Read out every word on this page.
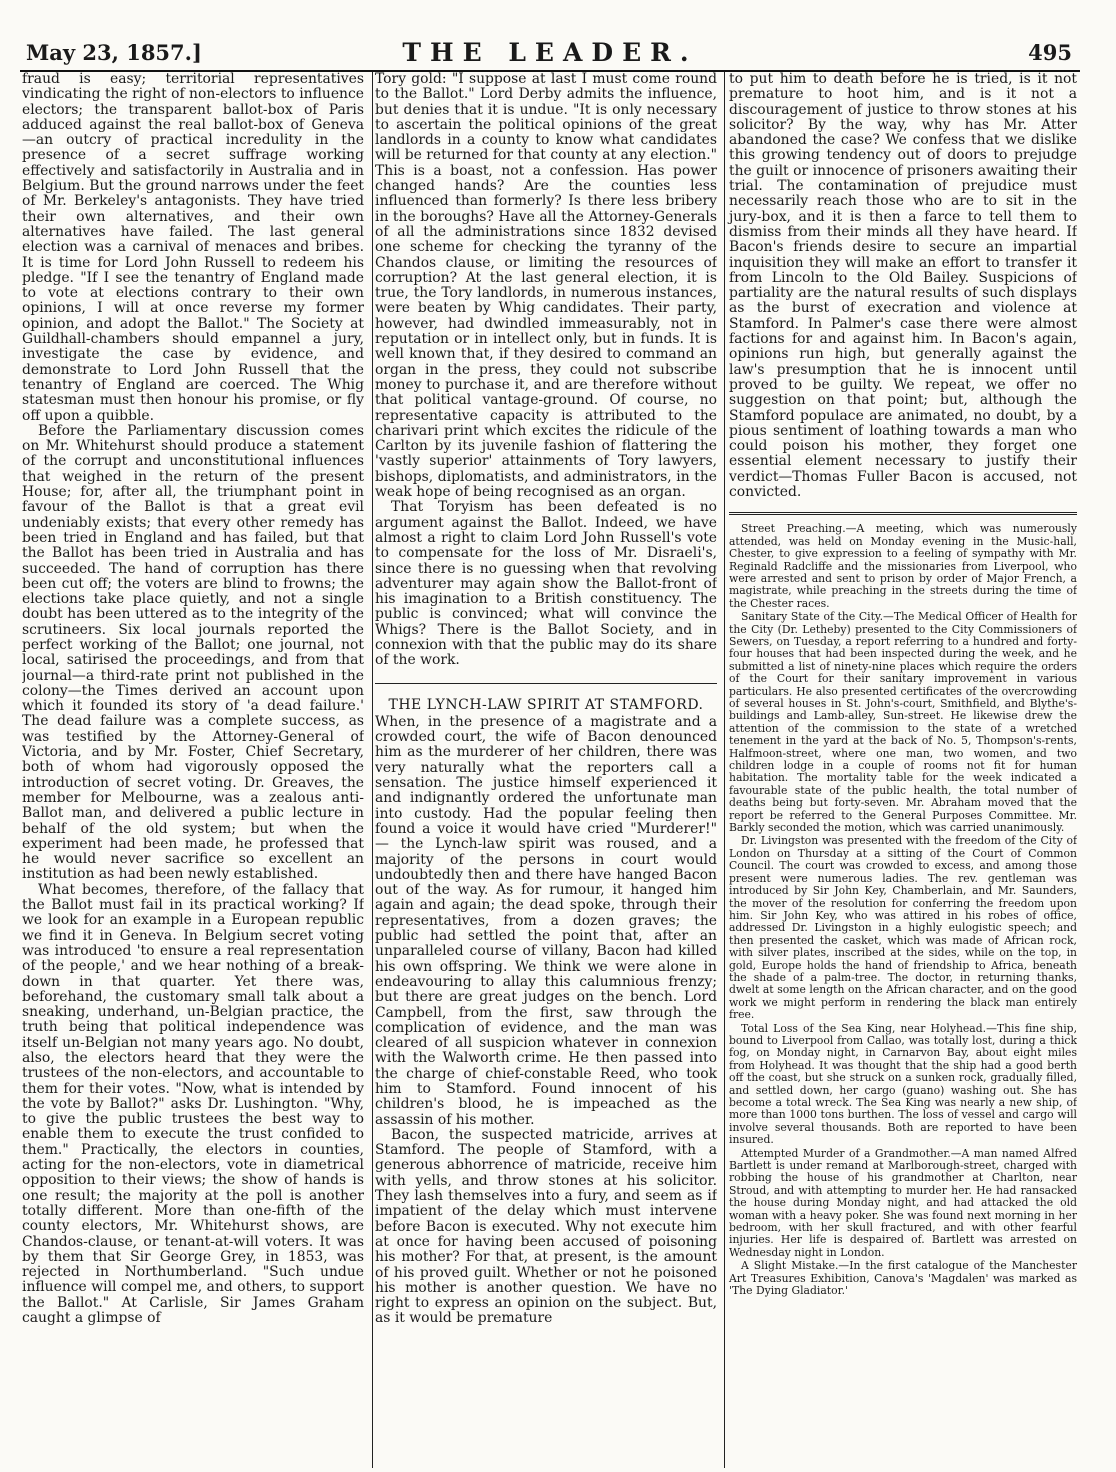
May 23, 1857.]	THE LEADER.	495

fraud is easy; territorial representatives vindicating the right of non-electors to influence electors; the transparent ballot-box of Paris adduced against the real ballot-box of Geneva —an outcry of practical incredulity in the presence of a secret suffrage working effectively and satisfactorily in Australia and in Belgium. But the ground narrows under the feet of Mr. Berkeley's antagonists. They have tried their own alternatives, and their own alternatives have failed. The last general election was a carnival of menaces and bribes. It is time for Lord John Russell to redeem his pledge. "If I see the tenantry of England made to vote at elections contrary to their own opinions, I will at once reverse my former opinion, and adopt the Ballot." The Society at Guildhall-chambers should empannel a jury, investigate the case by evidence, and demonstrate to Lord John Russell that the tenantry of England are coerced. The Whig statesman must then honour his promise, or fly off upon a quibble.

Before the Parliamentary discussion comes on Mr. Whitehurst should produce a statement of the corrupt and unconstitutional influences that weighed in the return of the present House; for, after all, the triumphant point in favour of the Ballot is that a great evil undeniably exists; that every other remedy has been tried in England and has failed, but that the Ballot has been tried in Australia and has succeeded. The hand of corruption has there been cut off; the voters are blind to frowns; the elections take place quietly, and not a single doubt has been uttered as to the integrity of the scrutineers. Six local journals reported the perfect working of the Ballot; one journal, not local, satirised the proceedings, and from that journal—a third-rate print not published in the colony—the Times derived an account upon which it founded its story of 'a dead failure.' The dead failure was a complete success, as was testified by the Attorney-General of Victoria, and by Mr. Foster, Chief Secretary, both of whom had vigorously opposed the introduction of secret voting. Dr. Greaves, the member for Melbourne, was a zealous anti-Ballot man, and delivered a public lecture in behalf of the old system; but when the experiment had been made, he professed that he would never sacrifice so excellent an institution as had been newly established.

What becomes, therefore, of the fallacy that the Ballot must fail in its practical working? If we look for an example in a European republic we find it in Geneva. In Belgium secret voting was introduced 'to ensure a real representation of the people,' and we hear nothing of a break-down in that quarter. Yet there was, beforehand, the customary small talk about a sneaking, underhand, un-Belgian practice, the truth being that political independence was itself un-Belgian not many years ago. No doubt, also, the electors heard that they were the trustees of the non-electors, and accountable to them for their votes. "Now, what is intended by the vote by Ballot?" asks Dr. Lushington. "Why, to give the public trustees the best way to enable them to execute the trust confided to them." Practically, the electors in counties, acting for the non-electors, vote in diametrical opposition to their views; the show of hands is one result; the majority at the poll is another totally different. More than one-fifth of the county electors, Mr. Whitehurst shows, are Chandos-clause, or tenant-at-will voters. It was by them that Sir George Grey, in 1853, was rejected in Northumberland. "Such undue influence will compel me, and others, to support the Ballot." At Carlisle, Sir James Graham caught a glimpse of

Tory gold: "I suppose at last I must come round to the Ballot." Lord Derby admits the influence, but denies that it is undue. "It is only necessary to ascertain the political opinions of the great landlords in a county to know what candidates will be returned for that county at any election." This is a boast, not a confession. Has power changed hands? Are the counties less influenced than formerly? Is there less bribery in the boroughs? Have all the Attorney-Generals of all the administrations since 1832 devised one scheme for checking the tyranny of the Chandos clause, or limiting the resources of corruption? At the last general election, it is true, the Tory landlords, in numerous instances, were beaten by Whig candidates. Their party, however, had dwindled immeasurably, not in reputation or in intellect only, but in funds. It is well known that, if they desired to command an organ in the press, they could not subscribe money to purchase it, and are therefore without that political vantage-ground. Of course, no representative capacity is attributed to the charivari print which excites the ridicule of the Carlton by its juvenile fashion of flattering the 'vastly superior' attainments of Tory lawyers, bishops, diplomatists, and administrators, in the weak hope of being recognised as an organ.

That Toryism has been defeated is no argument against the Ballot. Indeed, we have almost a right to claim Lord John Russell's vote to compensate for the loss of Mr. Disraeli's, since there is no guessing when that revolving adventurer may again show the Ballot-front of his imagination to a British constituency. The public is convinced; what will convince the Whigs? There is the Ballot Society, and in connexion with that the public may do its share of the work.

THE LYNCH-LAW SPIRIT AT STAMFORD.

When, in the presence of a magistrate and a crowded court, the wife of Bacon denounced him as the murderer of her children, there was very naturally what the reporters call a sensation. The justice himself experienced it and indignantly ordered the unfortunate man into custody. Had the popular feeling then found a voice it would have cried "Murderer!" — the Lynch-law spirit was roused, and a majority of the persons in court would undoubtedly then and there have hanged Bacon out of the way. As for rumour, it hanged him again and again; the dead spoke, through their representatives, from a dozen graves; the public had settled the point that, after an unparalleled course of villany, Bacon had killed his own offspring. We think we were alone in endeavouring to allay this calumnious frenzy; but there are great judges on the bench. Lord Campbell, from the first, saw through the complication of evidence, and the man was cleared of all suspicion whatever in connexion with the Walworth crime. He then passed into the charge of chief-constable Reed, who took him to Stamford. Found innocent of his children's blood, he is impeached as the assassin of his mother.

Bacon, the suspected matricide, arrives at Stamford. The people of Stamford, with a generous abhorrence of matricide, receive him with yells, and throw stones at his solicitor. They lash themselves into a fury, and seem as if impatient of the delay which must intervene before Bacon is executed. Why not execute him at once for having been accused of poisoning his mother? For that, at present, is the amount of his proved guilt. Whether or not he poisoned his mother is another question. We have no right to express an opinion on the subject. But, as it would be premature

to put him to death before he is tried, is it not premature to hoot him, and is it not a discouragement of justice to throw stones at his solicitor? By the way, why has Mr. Atter abandoned the case? We confess that we dislike this growing tendency out of doors to prejudge the guilt or innocence of prisoners awaiting their trial. The contamination of prejudice must necessarily reach those who are to sit in the jury-box, and it is then a farce to tell them to dismiss from their minds all they have heard. If Bacon's friends desire to secure an impartial inquisition they will make an effort to transfer it from Lincoln to the Old Bailey. Suspicions of partiality are the natural results of such displays as the burst of execration and violence at Stamford. In Palmer's case there were almost factions for and against him. In Bacon's again, opinions run high, but generally against the law's presumption that he is innocent until proved to be guilty. We repeat, we offer no suggestion on that point; but, although the Stamford populace are animated, no doubt, by a pious sentiment of loathing towards a man who could poison his mother, they forget one essential element necessary to justify their verdict—Thomas Fuller Bacon is accused, not convicted.

Street Preaching.—A meeting, which was numerously attended, was held on Monday evening in the Music-hall, Chester, to give expression to a feeling of sympathy with Mr. Reginald Radcliffe and the missionaries from Liverpool, who were arrested and sent to prison by order of Major French, a magistrate, while preaching in the streets during the time of the Chester races.

Sanitary State of the City.—The Medical Officer of Health for the City (Dr. Letheby) presented to the City Commissioners of Sewers, on Tuesday, a report referring to a hundred and forty-four houses that had been inspected during the week, and he submitted a list of ninety-nine places which require the orders of the Court for their sanitary improvement in various particulars. He also presented certificates of the overcrowding of several houses in St. John's-court, Smithfield, and Blythe's-buildings and Lamb-alley, Sun-street. He likewise drew the attention of the commission to the state of a wretched tenement in the yard at the back of No. 5, Thompson's-rents, Halfmoon-street, where one man, two women, and two children lodge in a couple of rooms not fit for human habitation. The mortality table for the week indicated a favourable state of the public health, the total number of deaths being but forty-seven. Mr. Abraham moved that the report be referred to the General Purposes Committee. Mr. Barkly seconded the motion, which was carried unanimously.

Dr. Livingston was presented with the freedom of the City of London on Thursday at a sitting of the Court of Common Council. The court was crowded to excess, and among those present were numerous ladies. The rev. gentleman was introduced by Sir John Key, Chamberlain, and Mr. Saunders, the mover of the resolution for conferring the freedom upon him. Sir John Key, who was attired in his robes of office, addressed Dr. Livingston in a highly eulogistic speech; and then presented the casket, which was made of African rock, with silver plates, inscribed at the sides, while on the top, in gold, Europe holds the hand of friendship to Africa, beneath the shade of a palm-tree. The doctor, in returning thanks, dwelt at some length on the African character, and on the good work we might perform in rendering the black man entirely free.

Total Loss of the Sea King, near Holyhead.—This fine ship, bound to Liverpool from Callao, was totally lost, during a thick fog, on Monday night, in Carnarvon Bay, about eight miles from Holyhead. It was thought that the ship had a good berth off the coast, but she struck on a sunken rock, gradually filled, and settled down, her cargo (guano) washing out. She has become a total wreck. The Sea King was nearly a new ship, of more than 1000 tons burthen. The loss of vessel and cargo will involve several thousands. Both are reported to have been insured.

Attempted Murder of a Grandmother.—A man named Alfred Bartlett is under remand at Marlborough-street, charged with robbing the house of his grandmother at Charlton, near Stroud, and with attempting to murder her. He had ransacked the house during Monday night, and had attacked the old woman with a heavy poker. She was found next morning in her bedroom, with her skull fractured, and with other fearful injuries. Her life is despaired of. Bartlett was arrested on Wednesday night in London.

A Slight Mistake.—In the first catalogue of the Manchester Art Treasures Exhibition, Canova's 'Magdalen' was marked as 'The Dying Gladiator.'
